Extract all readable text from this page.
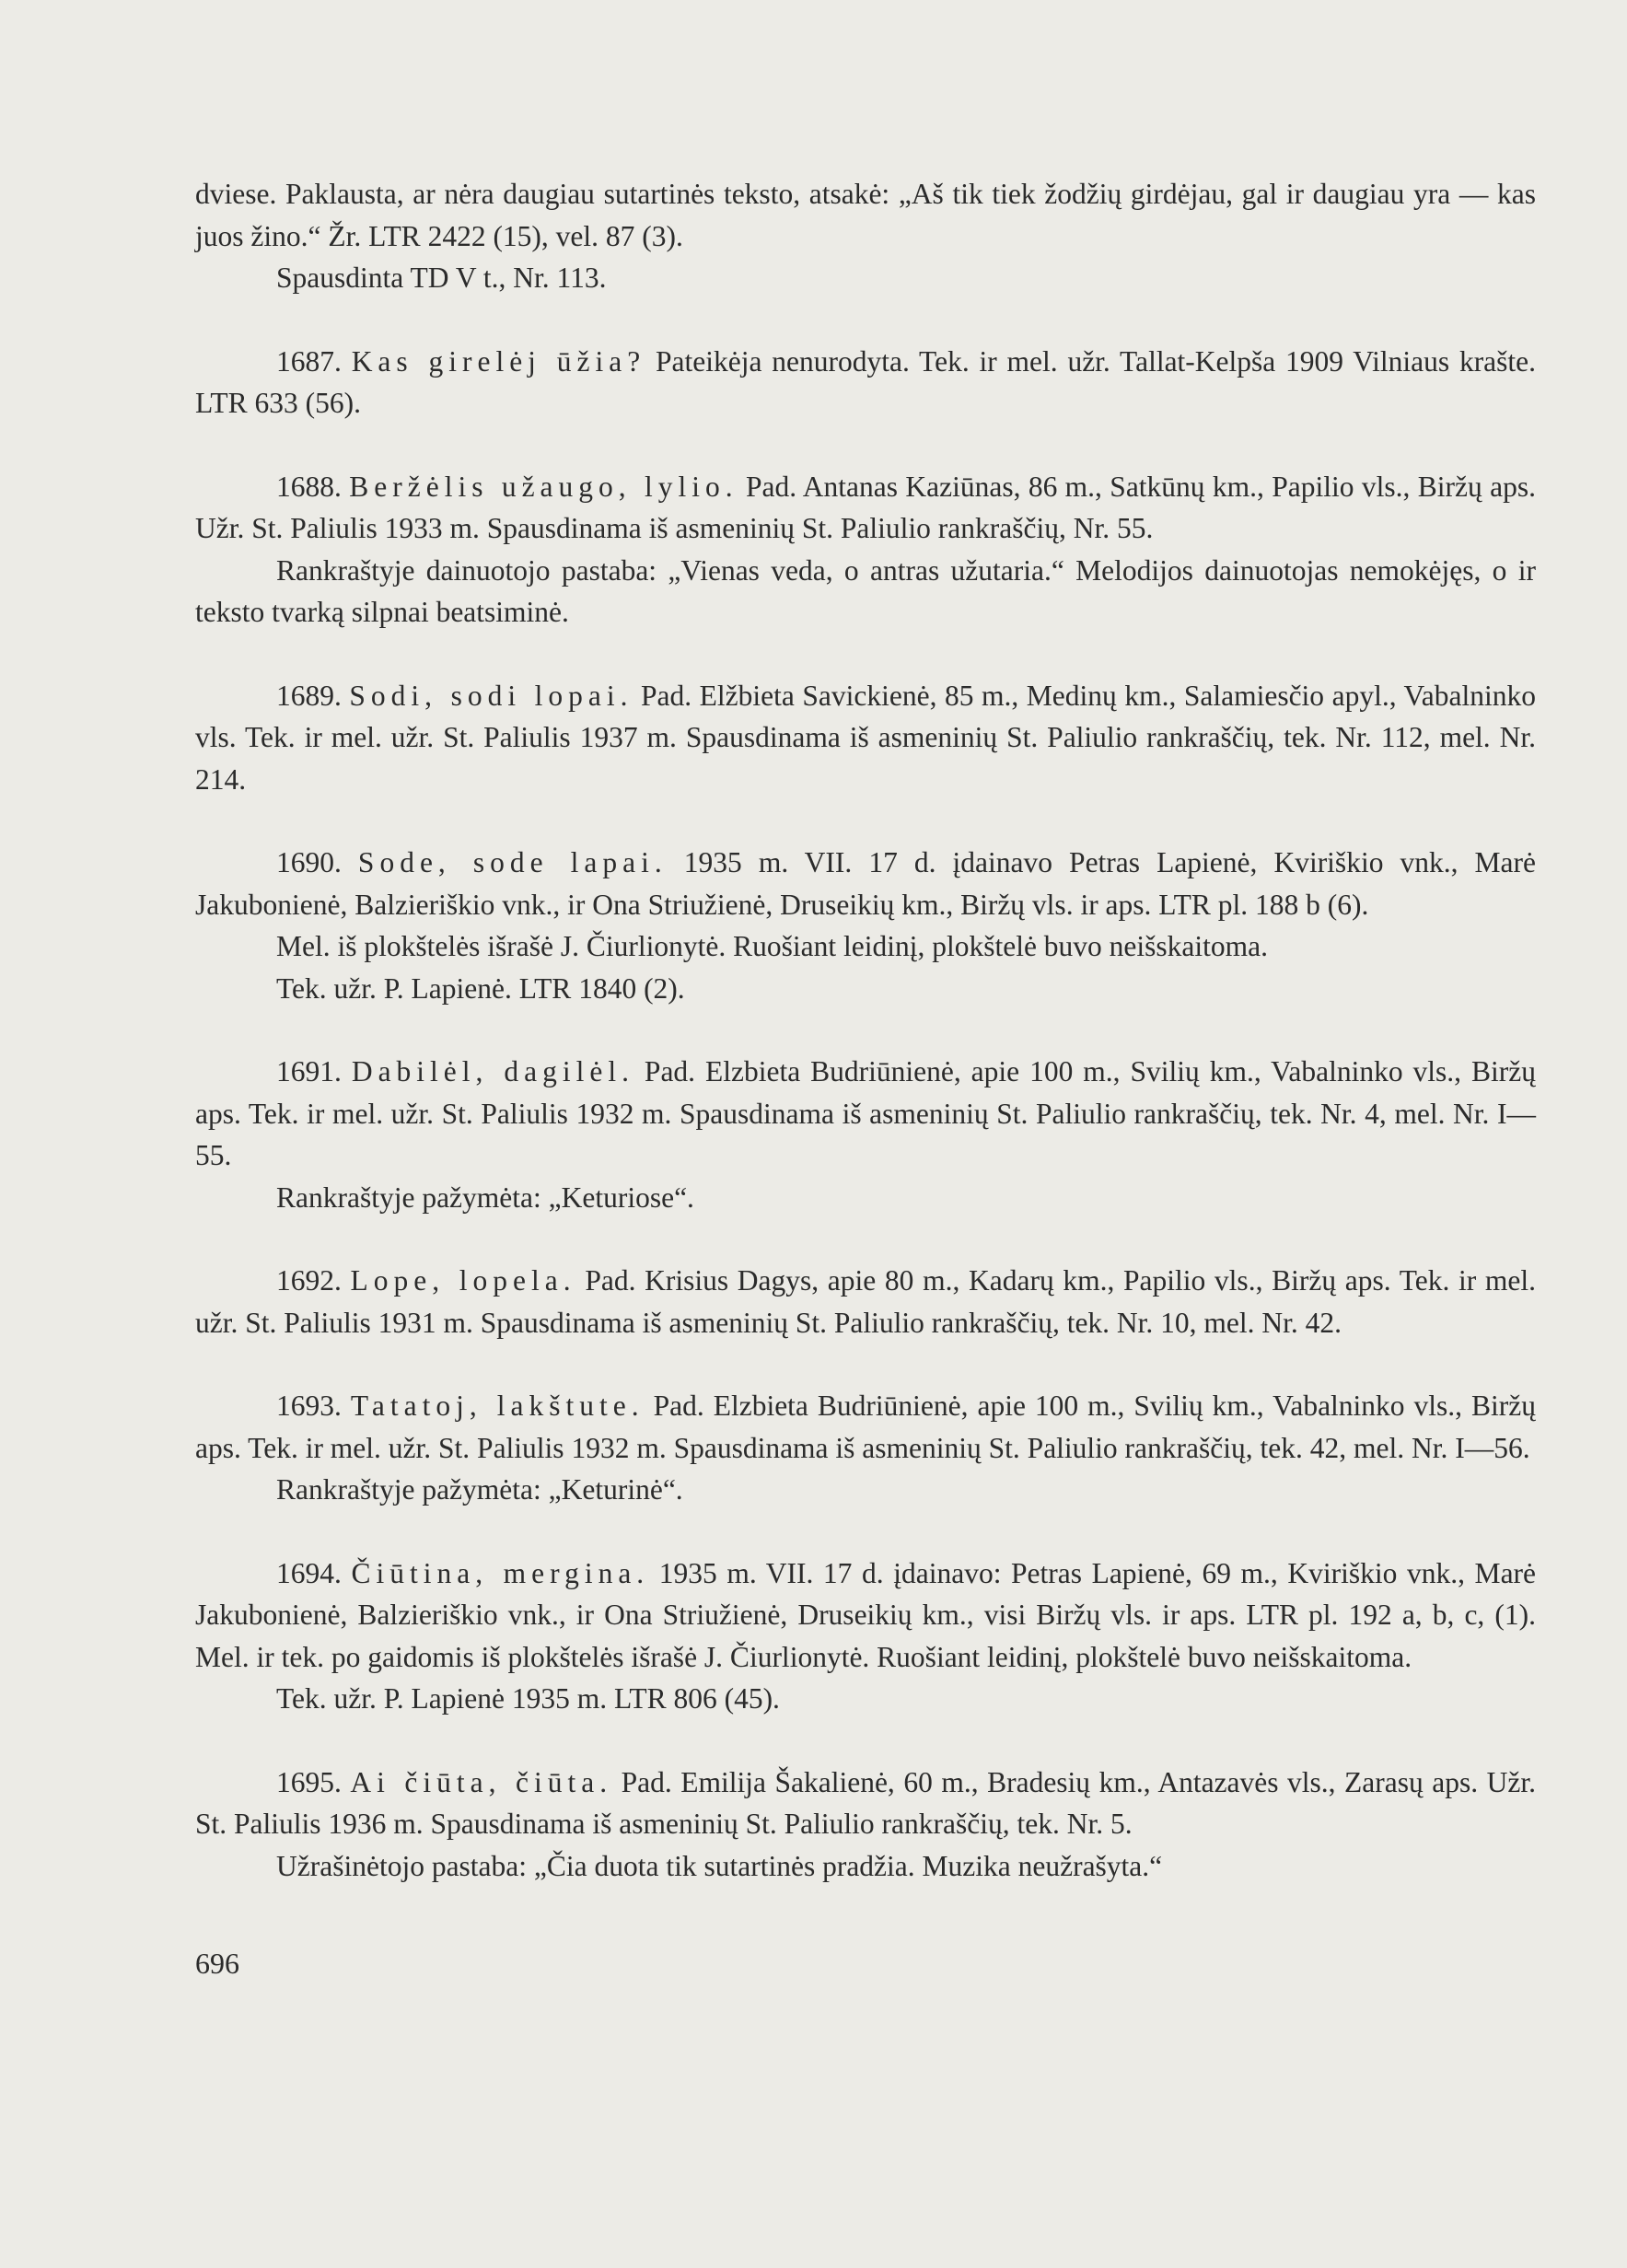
dviese. Paklausta, ar nėra daugiau sutartinės teksto, atsakė: „Aš tik tiek žodžių girdėjau, gal ir daugiau yra — kas juos žino.“ Žr. LTR 2422 (15), vel. 87 (3).

Spausdinta TD V t., Nr. 113.

1687. Kas girelėj ūžia? Pateikėja nenurodyta. Tek. ir mel. užr. Tallat-Kelpša 1909 Vilniaus krašte. LTR 633 (56).

1688. Beržėlis užaugo, lylio. Pad. Antanas Kaziūnas, 86 m., Satkūnų km., Papilio vls., Biržų aps. Užr. St. Paliulis 1933 m. Spausdinama iš asmeninių St. Paliulio rankraščių, Nr. 55.

Rankraštyje dainuotojo pastaba: „Vienas veda, o antras užutaria.“ Melodijos dainuotojas nemokėjęs, o ir teksto tvarką silpnai beatsiminė.

1689. Sodi, sodi lopai. Pad. Elžbieta Savickienė, 85 m., Medinų km., Salamiesčio apyl., Vabalninko vls. Tek. ir mel. užr. St. Paliulis 1937 m. Spausdinama iš asmeninių St. Paliulio rankraščių, tek. Nr. 112, mel. Nr. 214.

1690. Sode, sode lapai. 1935 m. VII. 17 d. įdainavo Petras Lapienė, Kviriškio vnk., Marė Jakubonienė, Balzieriškio vnk., ir Ona Striužienė, Druseikių km., Biržų vls. ir aps. LTR pl. 188 b (6).

Mel. iš plokštelės išrašė J. Čiurlionytė. Ruošiant leidinį, plokštelė buvo neišskaitoma.

Tek. užr. P. Lapienė. LTR 1840 (2).

1691. Dabilėl, dagilėl. Pad. Elzbieta Budriūnienė, apie 100 m., Svilių km., Vabalninko vls., Biržų aps. Tek. ir mel. užr. St. Paliulis 1932 m. Spausdinama iš asmeninių St. Paliulio rankraščių, tek. Nr. 4, mel. Nr. I—55.

Rankraštyje pažymėta: „Keturiose“.

1692. Lope, lopela. Pad. Krisius Dagys, apie 80 m., Kadarų km., Papilio vls., Biržų aps. Tek. ir mel. užr. St. Paliulis 1931 m. Spausdinama iš asmeninių St. Paliulio rankraščių, tek. Nr. 10, mel. Nr. 42.

1693. Tatatoj, lakštute. Pad. Elzbieta Budriūnienė, apie 100 m., Svilių km., Vabalninko vls., Biržų aps. Tek. ir mel. užr. St. Paliulis 1932 m. Spausdinama iš asmeninių St. Paliulio rankraščių, tek. 42, mel. Nr. I—56.

Rankraštyje pažymėta: „Keturinė“.

1694. Čiūtina, mergina. 1935 m. VII. 17 d. įdainavo: Petras Lapienė, 69 m., Kviriškio vnk., Marė Jakubonienė, Balzieriškio vnk., ir Ona Striužienė, Druseikių km., visi Biržų vls. ir aps. LTR pl. 192 a, b, c, (1). Mel. ir tek. po gaidomis iš plokštelės išrašė J. Čiurlionytė. Ruošiant leidinį, plokštelė buvo neišskaitoma.

Tek. užr. P. Lapienė 1935 m. LTR 806 (45).

1695. Ai čiūta, čiūta. Pad. Emilija Šakalienė, 60 m., Bradesių km., Antazavės vls., Zarasų aps. Užr. St. Paliulis 1936 m. Spausdinama iš asmeninių St. Paliulio rankraščių, tek. Nr. 5.

Užrašinėtojo pastaba: „Čia duota tik sutartinės pradžia. Muzika neužrašyta.“

696
